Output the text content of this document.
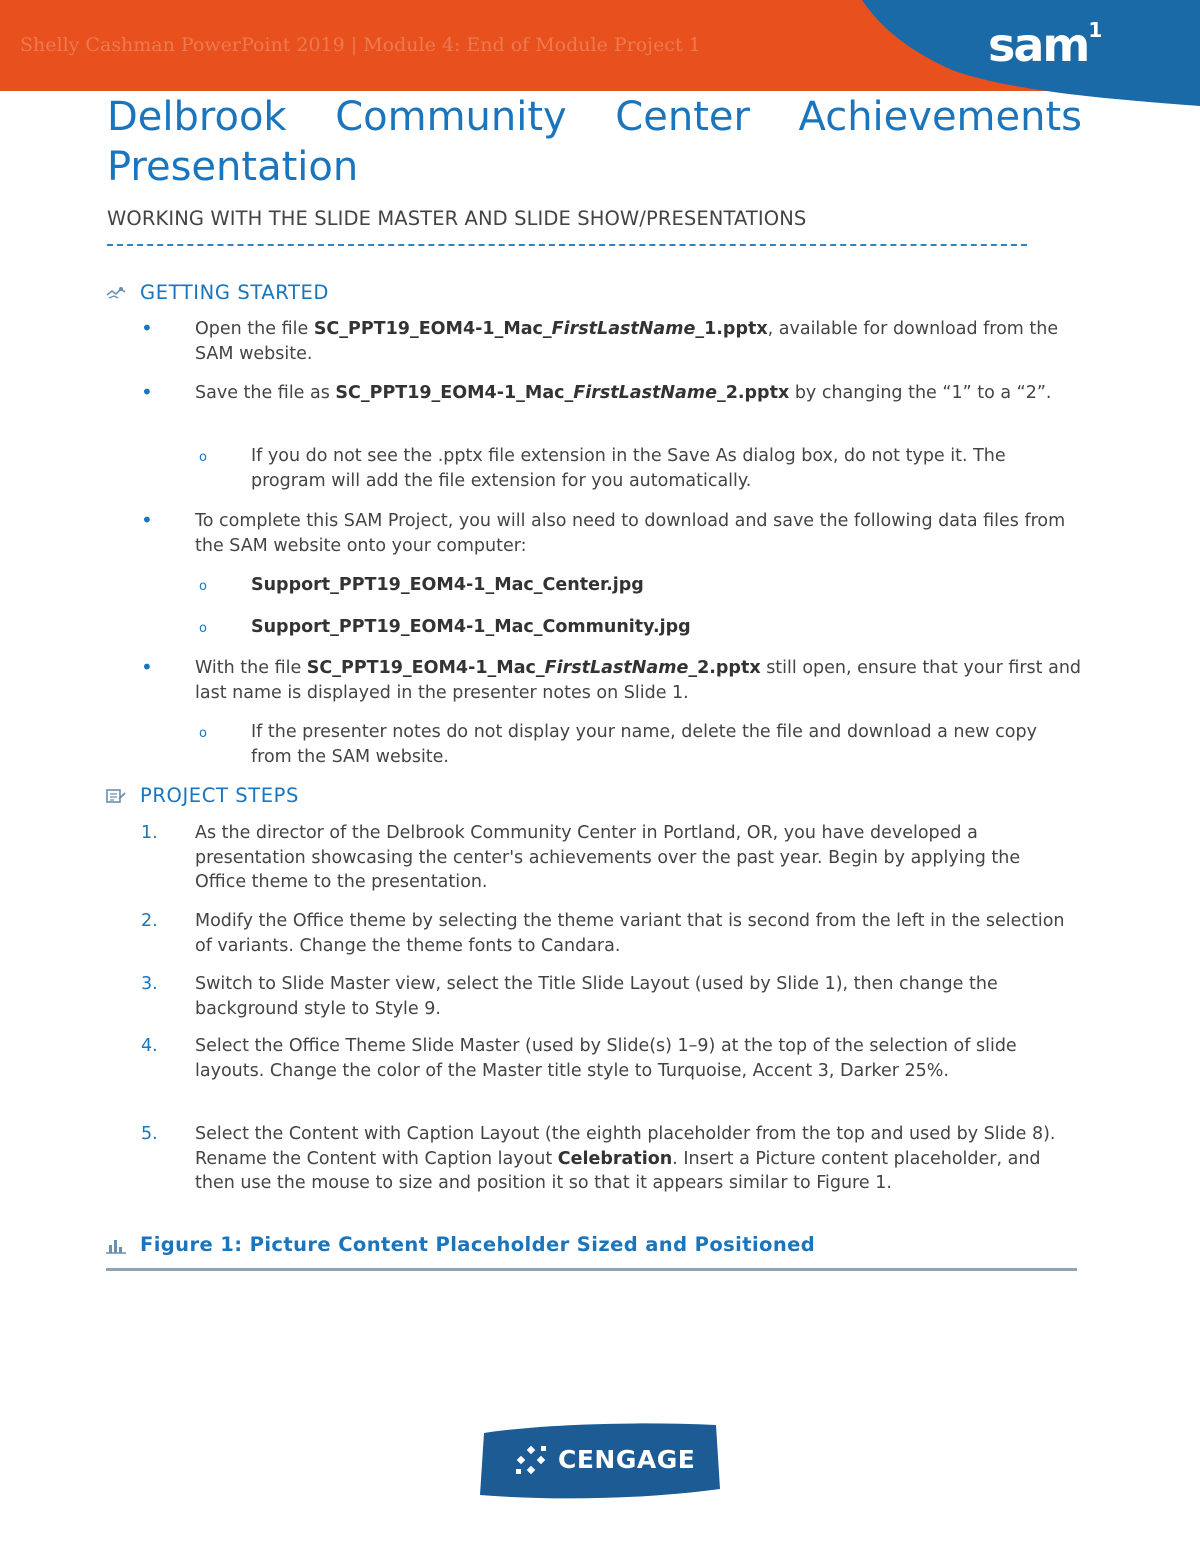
Shelly Cashman PowerPoint 2019 | Module 4: End of Module Project 1	sam$^1$
Delbrook Community Center Achievements Presentation
WORKING WITH THE SLIDE MASTER AND SLIDE SHOW/PRESENTATIONS
GETTING STARTED
• Open the file SC_PPT19_EOM4-1_Mac_FirstLastName_1.pptx, available for download from the SAM website.
• Save the file as SC_PPT19_EOM4-1_Mac_FirstLastName_2.pptx by changing the “1” to a “2”.
o	If you do not see the .pptx file extension in the Save As dialog box, do not type it. The program will add the file extension for you automatically.
• To complete this SAM Project, you will also need to download and save the following data files from the SAM website onto your computer:
o	Support_PPT19_EOM4-1_Mac_Center.jpg
o	Support_PPT19_EOM4-1_Mac_Community.jpg
• With the file SC_PPT19_EOM4-1_Mac_FirstLastName_2.pptx still open, ensure that your first and last name is displayed in the presenter notes on Slide 1.
o	If the presenter notes do not display your name, delete the file and download a new copy from the SAM website.
PROJECT STEPS
1. As the director of the Delbrook Community Center in Portland, OR, you have developed a presentation showcasing the center's achievements over the past year. Begin by applying the Office theme to the presentation.
2. Modify the Office theme by selecting the theme variant that is second from the left in the selection of variants. Change the theme fonts to Candara.
3. Switch to Slide Master view, select the Title Slide Layout (used by Slide 1), then change the background style to Style 9.
4. Select the Office Theme Slide Master (used by Slide(s) 1–9) at the top of the selection of slide layouts. Change the color of the Master title style to Turquoise, Accent 3, Darker 25%.
5. Select the Content with Caption Layout (the eighth placeholder from the top and used by Slide 8). Rename the Content with Caption layout Celebration. Insert a Picture content placeholder, and then use the mouse to size and position it so that it appears similar to Figure 1.
Figure 1: Picture Content Placeholder Sized and Positioned
CENGAGE
